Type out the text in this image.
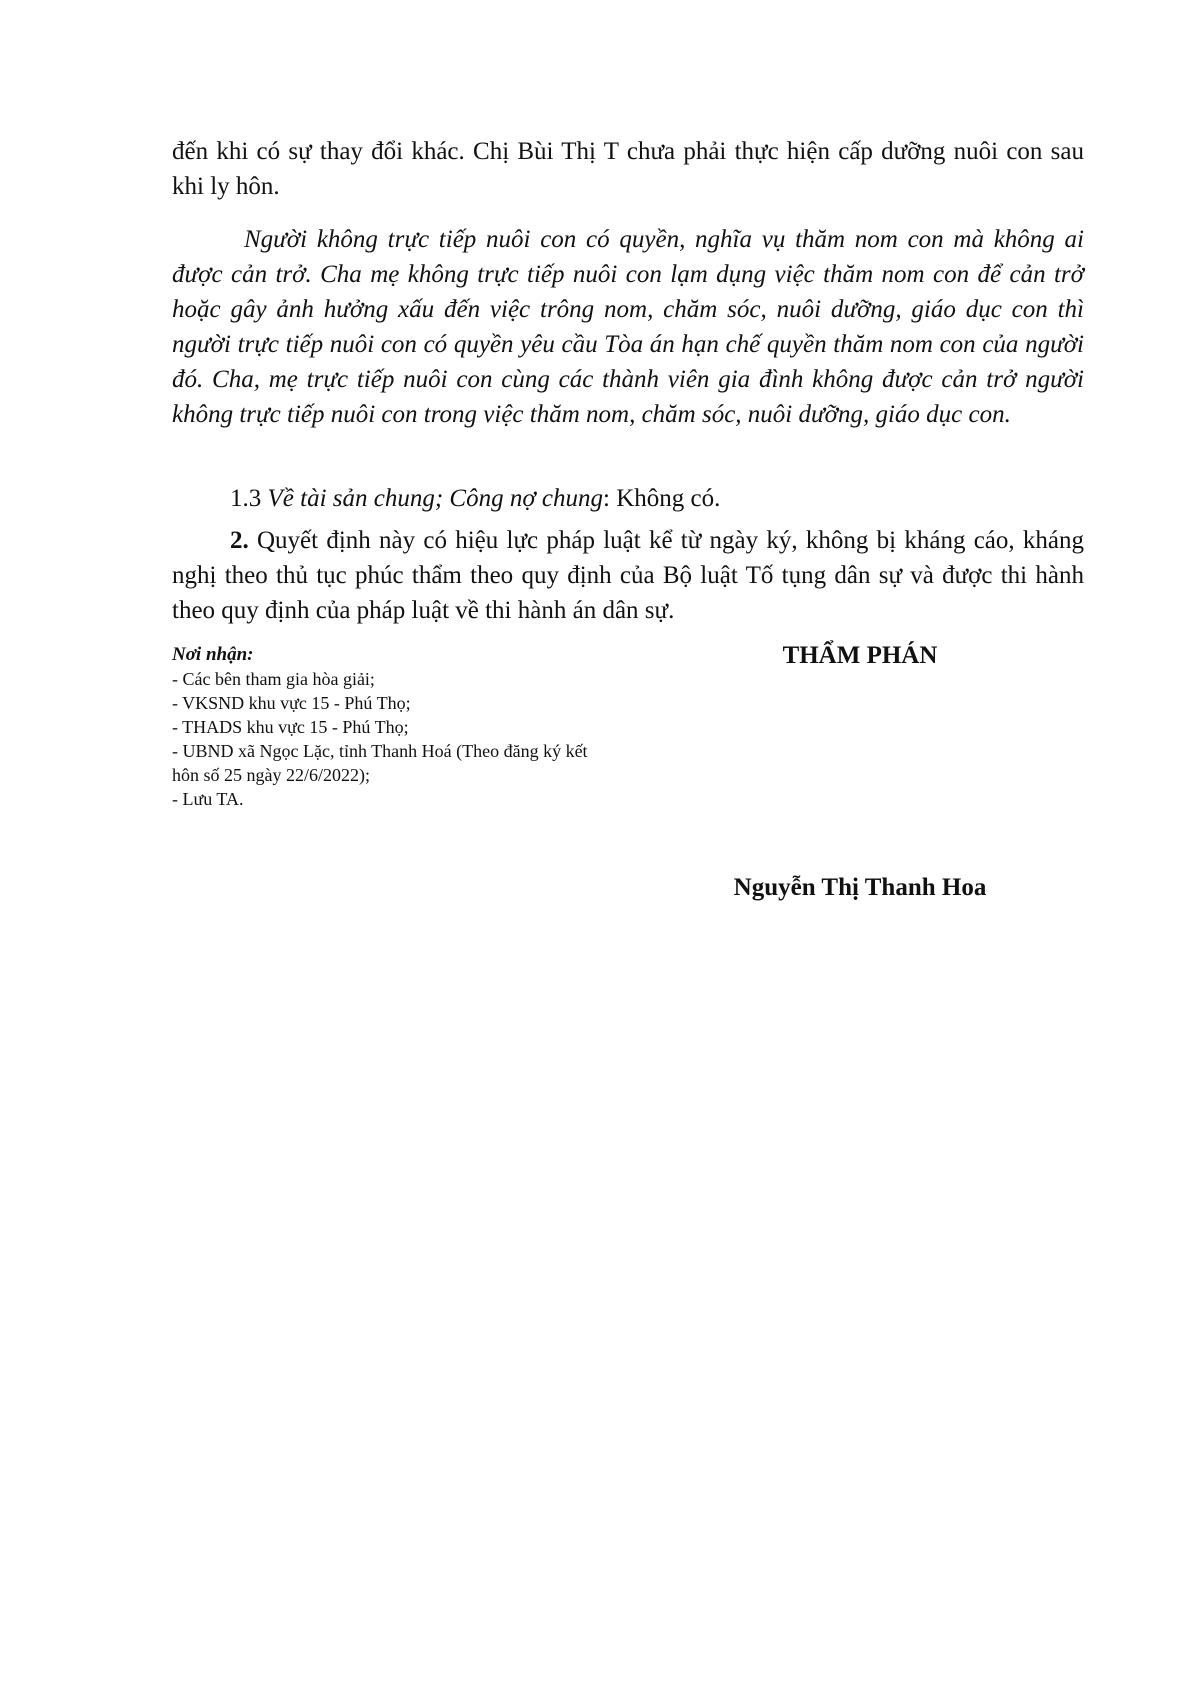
đến khi có sự thay đổi khác. Chị Bùi Thị T chưa phải thực hiện cấp dưỡng nuôi con sau khi ly hôn.

Người không trực tiếp nuôi con có quyền, nghĩa vụ thăm nom con mà không ai được cản trở. Cha mẹ không trực tiếp nuôi con lạm dụng việc thăm nom con để cản trở hoặc gây ảnh hưởng xấu đến việc trông nom, chăm sóc, nuôi dưỡng, giáo dục con thì người trực tiếp nuôi con có quyền yêu cầu Tòa án hạn chế quyền thăm nom con của người đó. Cha, mẹ trực tiếp nuôi con cùng các thành viên gia đình không được cản trở người không trực tiếp nuôi con trong việc thăm nom, chăm sóc, nuôi dưỡng, giáo dục con.

1.3 Về tài sản chung; Công nợ chung: Không có.

2. Quyết định này có hiệu lực pháp luật kể từ ngày ký, không bị kháng cáo, kháng nghị theo thủ tục phúc thẩm theo quy định của Bộ luật Tố tụng dân sự và được thi hành theo quy định của pháp luật về thi hành án dân sự.

Nơi nhận:
- Các bên tham gia hòa giải;
- VKSND khu vực 15 - Phú Thọ;
- THADS khu vực 15 - Phú Thọ;
- UBND xã Ngọc Lặc, tỉnh Thanh Hoá (Theo đăng ký kết hôn số 25 ngày 22/6/2022);
- Lưu TA.
THẨM PHÁN
Nguyễn Thị Thanh Hoa
